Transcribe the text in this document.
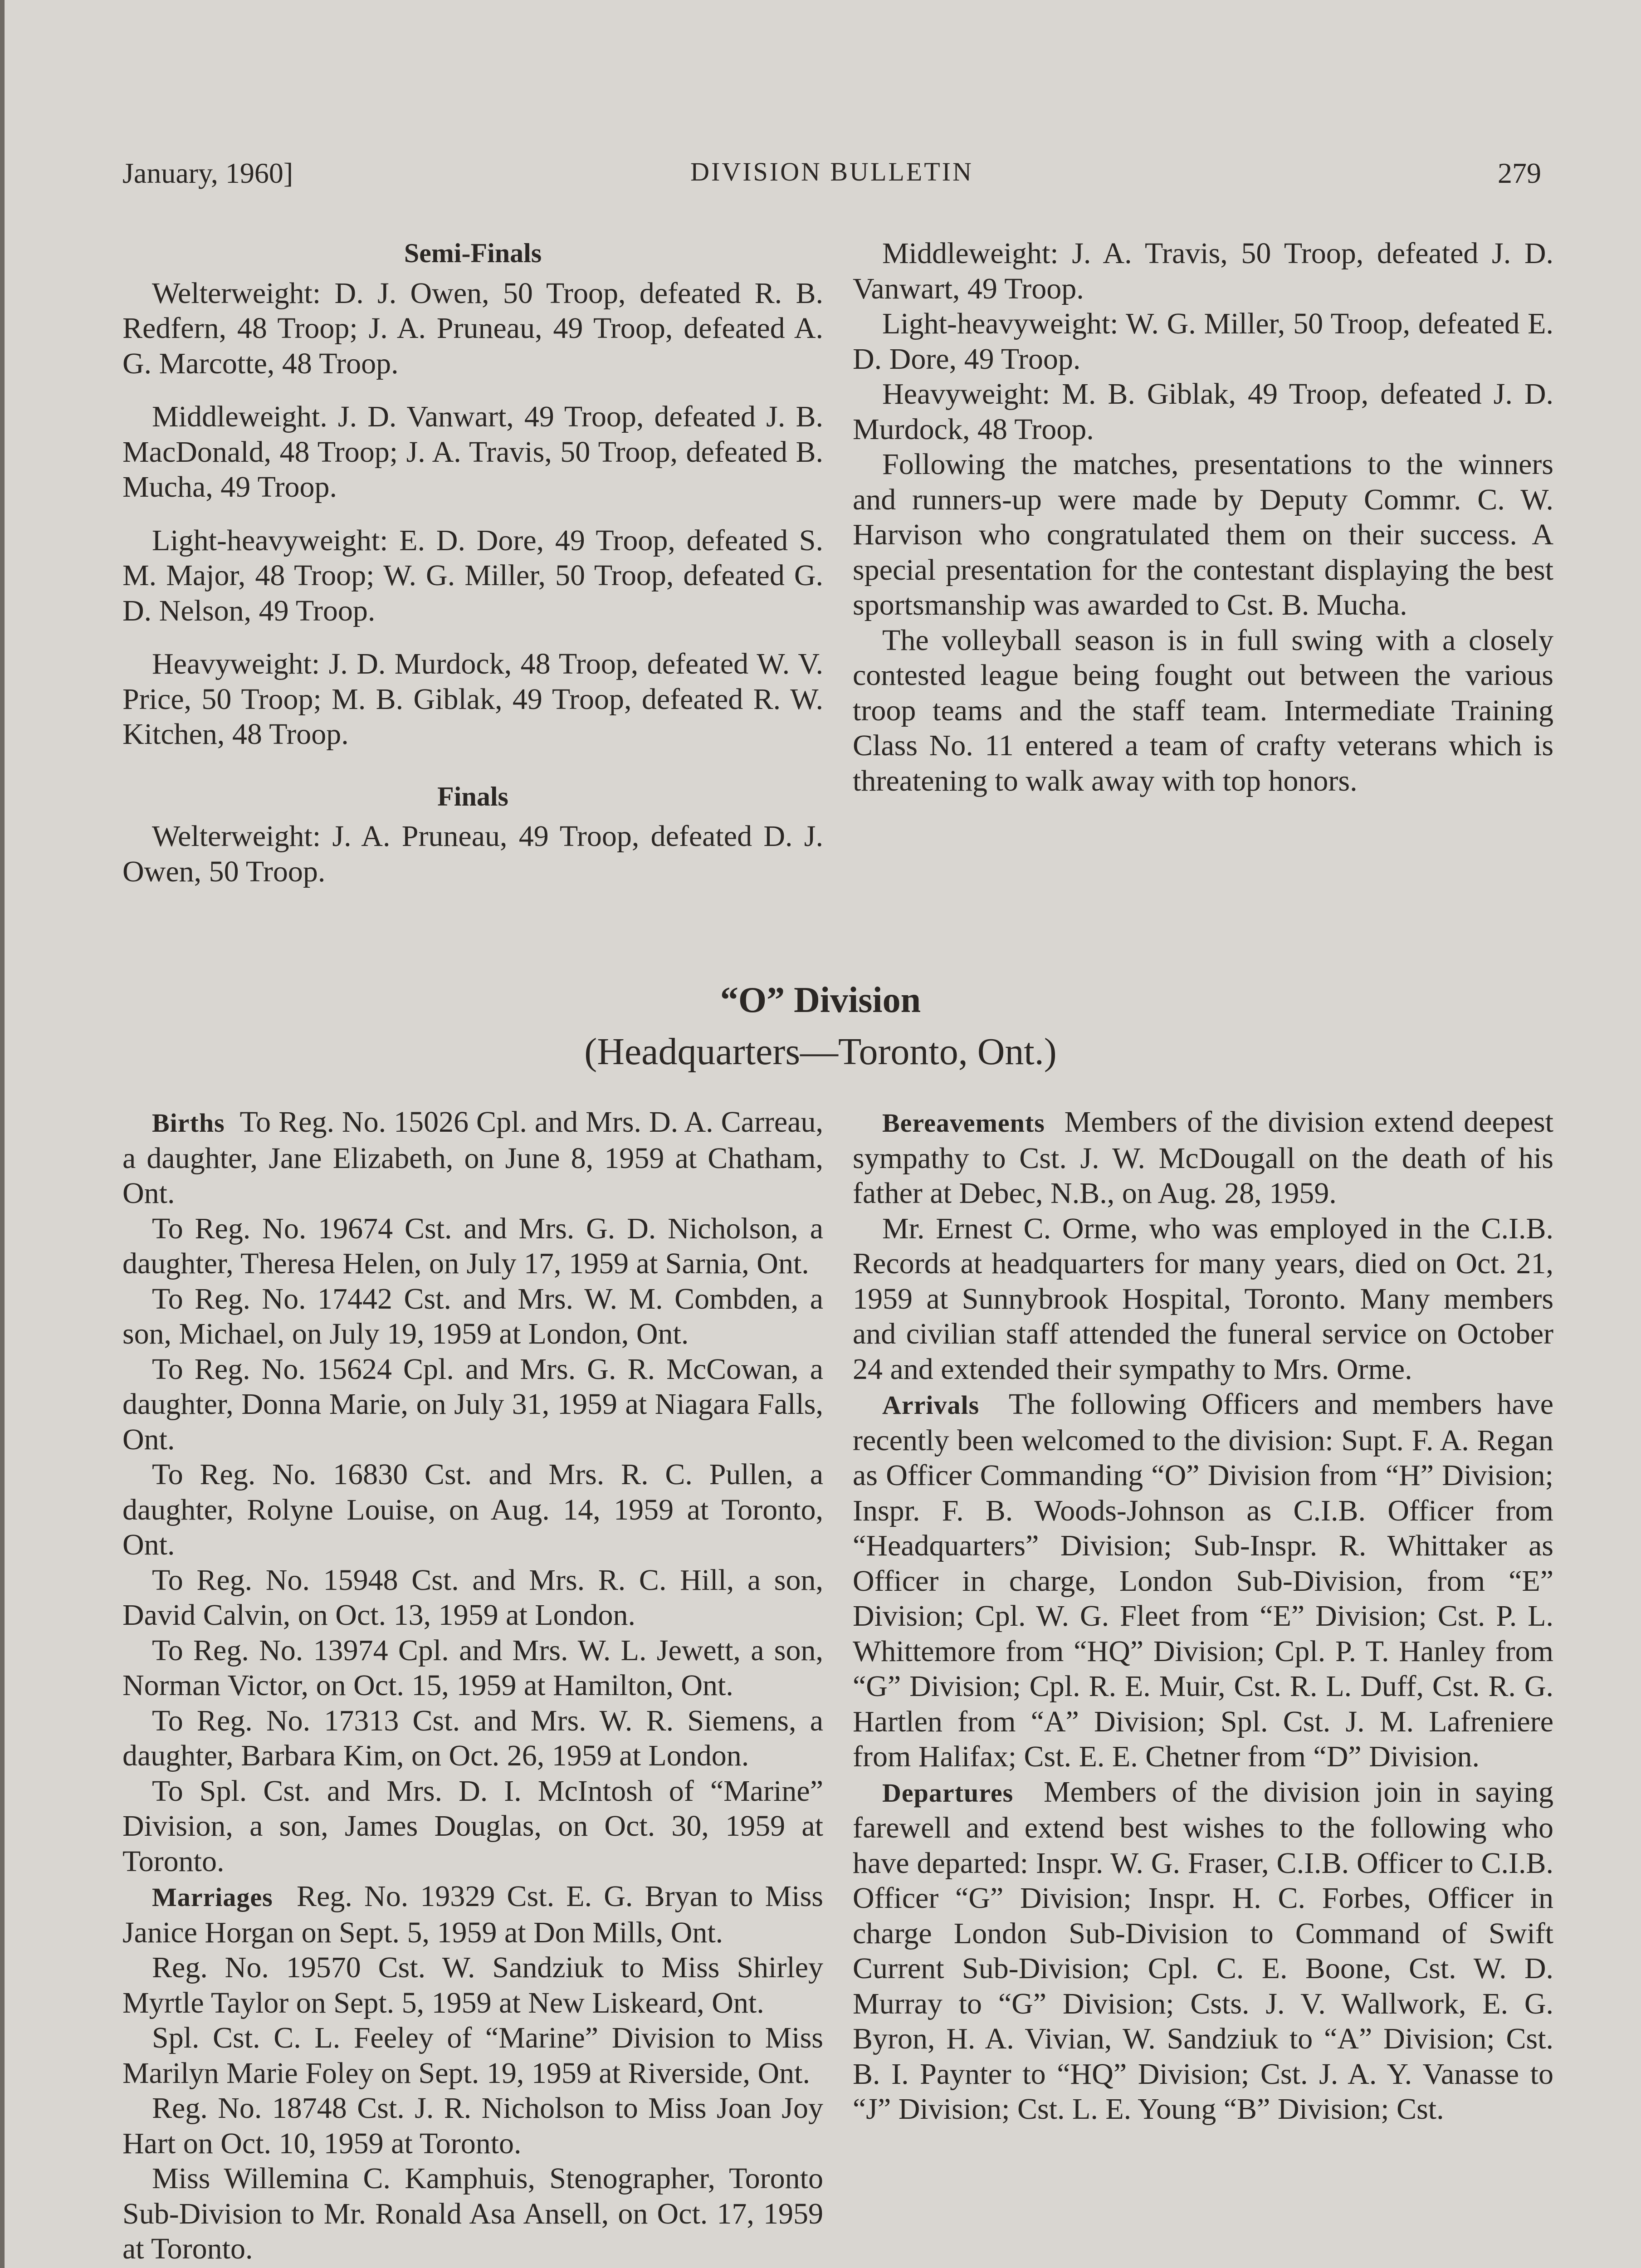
January, 1960]	DIVISION BULLETIN	279

Semi-Finals

Welterweight: D. J. Owen, 50 Troop, defeated R. B. Redfern, 48 Troop; J. A. Pruneau, 49 Troop, defeated A. G. Marcotte, 48 Troop.

Middleweight. J. D. Vanwart, 49 Troop, defeated J. B. MacDonald, 48 Troop; J. A. Travis, 50 Troop, defeated B. Mucha, 49 Troop.

Light-heavyweight: E. D. Dore, 49 Troop, defeated S. M. Major, 48 Troop; W. G. Miller, 50 Troop, defeated G. D. Nelson, 49 Troop.

Heavyweight: J. D. Murdock, 48 Troop, defeated W. V. Price, 50 Troop; M. B. Giblak, 49 Troop, defeated R. W. Kitchen, 48 Troop.

Finals

Welterweight: J. A. Pruneau, 49 Troop, defeated D. J. Owen, 50 Troop.

Middleweight: J. A. Travis, 50 Troop, defeated J. D. Vanwart, 49 Troop.

Light-heavyweight: W. G. Miller, 50 Troop, defeated E. D. Dore, 49 Troop.

Heavyweight: M. B. Giblak, 49 Troop, defeated J. D. Murdock, 48 Troop.

Following the matches, presentations to the winners and runners-up were made by Deputy Commr. C. W. Harvison who congratulated them on their success. A special presentation for the contestant displaying the best sportsmanship was awarded to Cst. B. Mucha.

The volleyball season is in full swing with a closely contested league being fought out between the various troop teams and the staff team. Intermediate Training Class No. 11 entered a team of crafty veterans which is threatening to walk away with top honors.

“O” Division
(Headquarters—Toronto, Ont.)

Births To Reg. No. 15026 Cpl. and Mrs. D. A. Carreau, a daughter, Jane Elizabeth, on June 8, 1959 at Chatham, Ont.

To Reg. No. 19674 Cst. and Mrs. G. D. Nicholson, a daughter, Theresa Helen, on July 17, 1959 at Sarnia, Ont.

To Reg. No. 17442 Cst. and Mrs. W. M. Combden, a son, Michael, on July 19, 1959 at London, Ont.

To Reg. No. 15624 Cpl. and Mrs. G. R. McCowan, a daughter, Donna Marie, on July 31, 1959 at Niagara Falls, Ont.

To Reg. No. 16830 Cst. and Mrs. R. C. Pullen, a daughter, Rolyne Louise, on Aug. 14, 1959 at Toronto, Ont.

To Reg. No. 15948 Cst. and Mrs. R. C. Hill, a son, David Calvin, on Oct. 13, 1959 at London.

To Reg. No. 13974 Cpl. and Mrs. W. L. Jewett, a son, Norman Victor, on Oct. 15, 1959 at Hamilton, Ont.

To Reg. No. 17313 Cst. and Mrs. W. R. Siemens, a daughter, Barbara Kim, on Oct. 26, 1959 at London.

To Spl. Cst. and Mrs. D. I. McIntosh of “Marine” Division, a son, James Douglas, on Oct. 30, 1959 at Toronto.

Marriages Reg. No. 19329 Cst. E. G. Bryan to Miss Janice Horgan on Sept. 5, 1959 at Don Mills, Ont.

Reg. No. 19570 Cst. W. Sandziuk to Miss Shirley Myrtle Taylor on Sept. 5, 1959 at New Liskeard, Ont.

Spl. Cst. C. L. Feeley of “Marine” Division to Miss Marilyn Marie Foley on Sept. 19, 1959 at Riverside, Ont.

Reg. No. 18748 Cst. J. R. Nicholson to Miss Joan Joy Hart on Oct. 10, 1959 at Toronto.

Miss Willemina C. Kamphuis, Stenographer, Toronto Sub-Division to Mr. Ronald Asa Ansell, on Oct. 17, 1959 at Toronto.

Bereavements Members of the division extend deepest sympathy to Cst. J. W. McDougall on the death of his father at Debec, N.B., on Aug. 28, 1959.

Mr. Ernest C. Orme, who was employed in the C.I.B. Records at headquarters for many years, died on Oct. 21, 1959 at Sunnybrook Hospital, Toronto. Many members and civilian staff attended the funeral service on October 24 and extended their sympathy to Mrs. Orme.

Arrivals The following Officers and members have recently been welcomed to the division: Supt. F. A. Regan as Officer Commanding “O” Division from “H” Division; Inspr. F. B. Woods-Johnson as C.I.B. Officer from “Headquarters” Division; Sub-Inspr. R. Whittaker as Officer in charge, London Sub-Division, from “E” Division; Cpl. W. G. Fleet from “E” Division; Cst. P. L. Whittemore from “HQ” Division; Cpl. P. T. Hanley from “G” Division; Cpl. R. E. Muir, Cst. R. L. Duff, Cst. R. G. Hartlen from “A” Division; Spl. Cst. J. M. Lafreniere from Halifax; Cst. E. E. Chetner from “D” Division.

Departures Members of the division join in saying farewell and extend best wishes to the following who have departed: Inspr. W. G. Fraser, C.I.B. Officer to C.I.B. Officer “G” Division; Inspr. H. C. Forbes, Officer in charge London Sub-Division to Command of Swift Current Sub-Division; Cpl. C. E. Boone, Cst. W. D. Murray to “G” Division; Csts. J. V. Wallwork, E. G. Byron, H. A. Vivian, W. Sandziuk to “A” Division; Cst. B. I. Paynter to “HQ” Division; Cst. J. A. Y. Vanasse to “J” Division; Cst. L. E. Young “B” Division; Cst.
